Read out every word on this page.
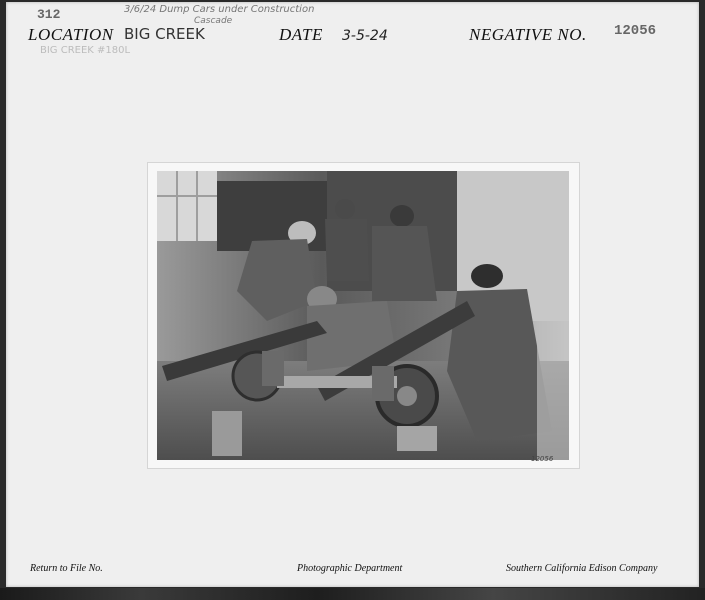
312	3/6/24 Dump Cars under Construction
Cascade
LOCATION BIG CREEK
BIG CREEK #180L
DATE 3-5-24	NEGATIVE NO. 12056
12056
Return to File No.	Photographic Department	Southern California Edison Company
